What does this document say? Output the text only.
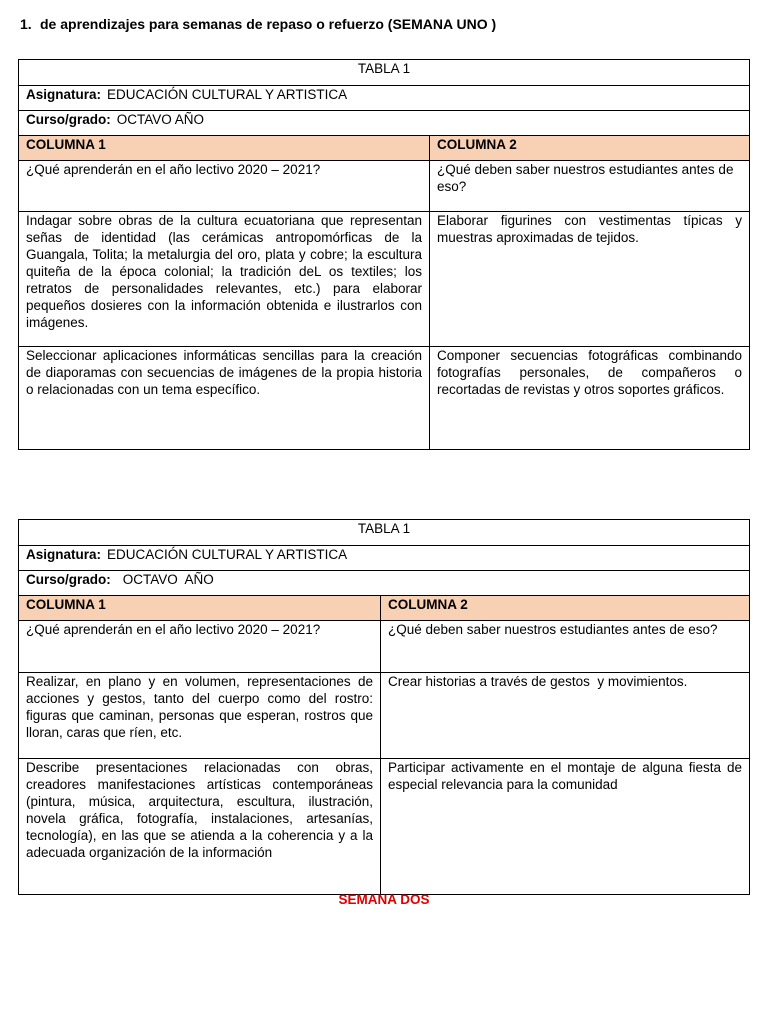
1. de aprendizajes para semanas de repaso o refuerzo (SEMANA UNO )
TABLA 1	
Asignatura: EDUCACIÓN CULTURAL Y ARTISTICA	
Curso/grado: OCTAVO AÑO	
COLUMNA 1	COLUMNA 2
¿Qué aprenderán en el año lectivo 2020 – 2021?	¿Qué deben saber nuestros estudiantes antes de eso?
Indagar sobre obras de la cultura ecuatoriana que representan señas de identidad (las cerámicas antropomórficas de la Guangala, Tolita; la metalurgia del oro, plata y cobre; la escultura quiteña de la época colonial; la tradición deL os textiles; los retratos de personalidades relevantes, etc.) para elaborar pequeños dosieres con la información obtenida e ilustrarlos con imágenes.	Elaborar figurines con vestimentas típicas y muestras aproximadas de tejidos.
Seleccionar aplicaciones informáticas sencillas para la creación de diaporamas con secuencias de imágenes de la propia historia o relacionadas con un tema específico.	Componer secuencias fotográficas combinando fotografías personales, de compañeros o recortadas de revistas y otros soportes gráficos.
TABLA 1	
Asignatura: EDUCACIÓN CULTURAL Y ARTISTICA	
Curso/grado: OCTAVO  AÑO	
COLUMNA 1	COLUMNA 2
¿Qué aprenderán en el año lectivo 2020 – 2021?	¿Qué deben saber nuestros estudiantes antes de eso?
Realizar, en plano y en volumen, representaciones de acciones y gestos, tanto del cuerpo como del rostro: figuras que caminan, personas que esperan, rostros que lloran, caras que ríen, etc.	Crear historias a través de gestos  y movimientos.
Describe presentaciones relacionadas con obras, creadores manifestaciones artísticas contemporáneas (pintura, música, arquitectura, escultura, ilustración, novela gráfica, fotografía, instalaciones, artesanías, tecnología), en las que se atienda a la coherencia y a la adecuada organización de la información	Participar activamente en el montaje de alguna fiesta de especial relevancia para la comunidad
SEMANA DOS
